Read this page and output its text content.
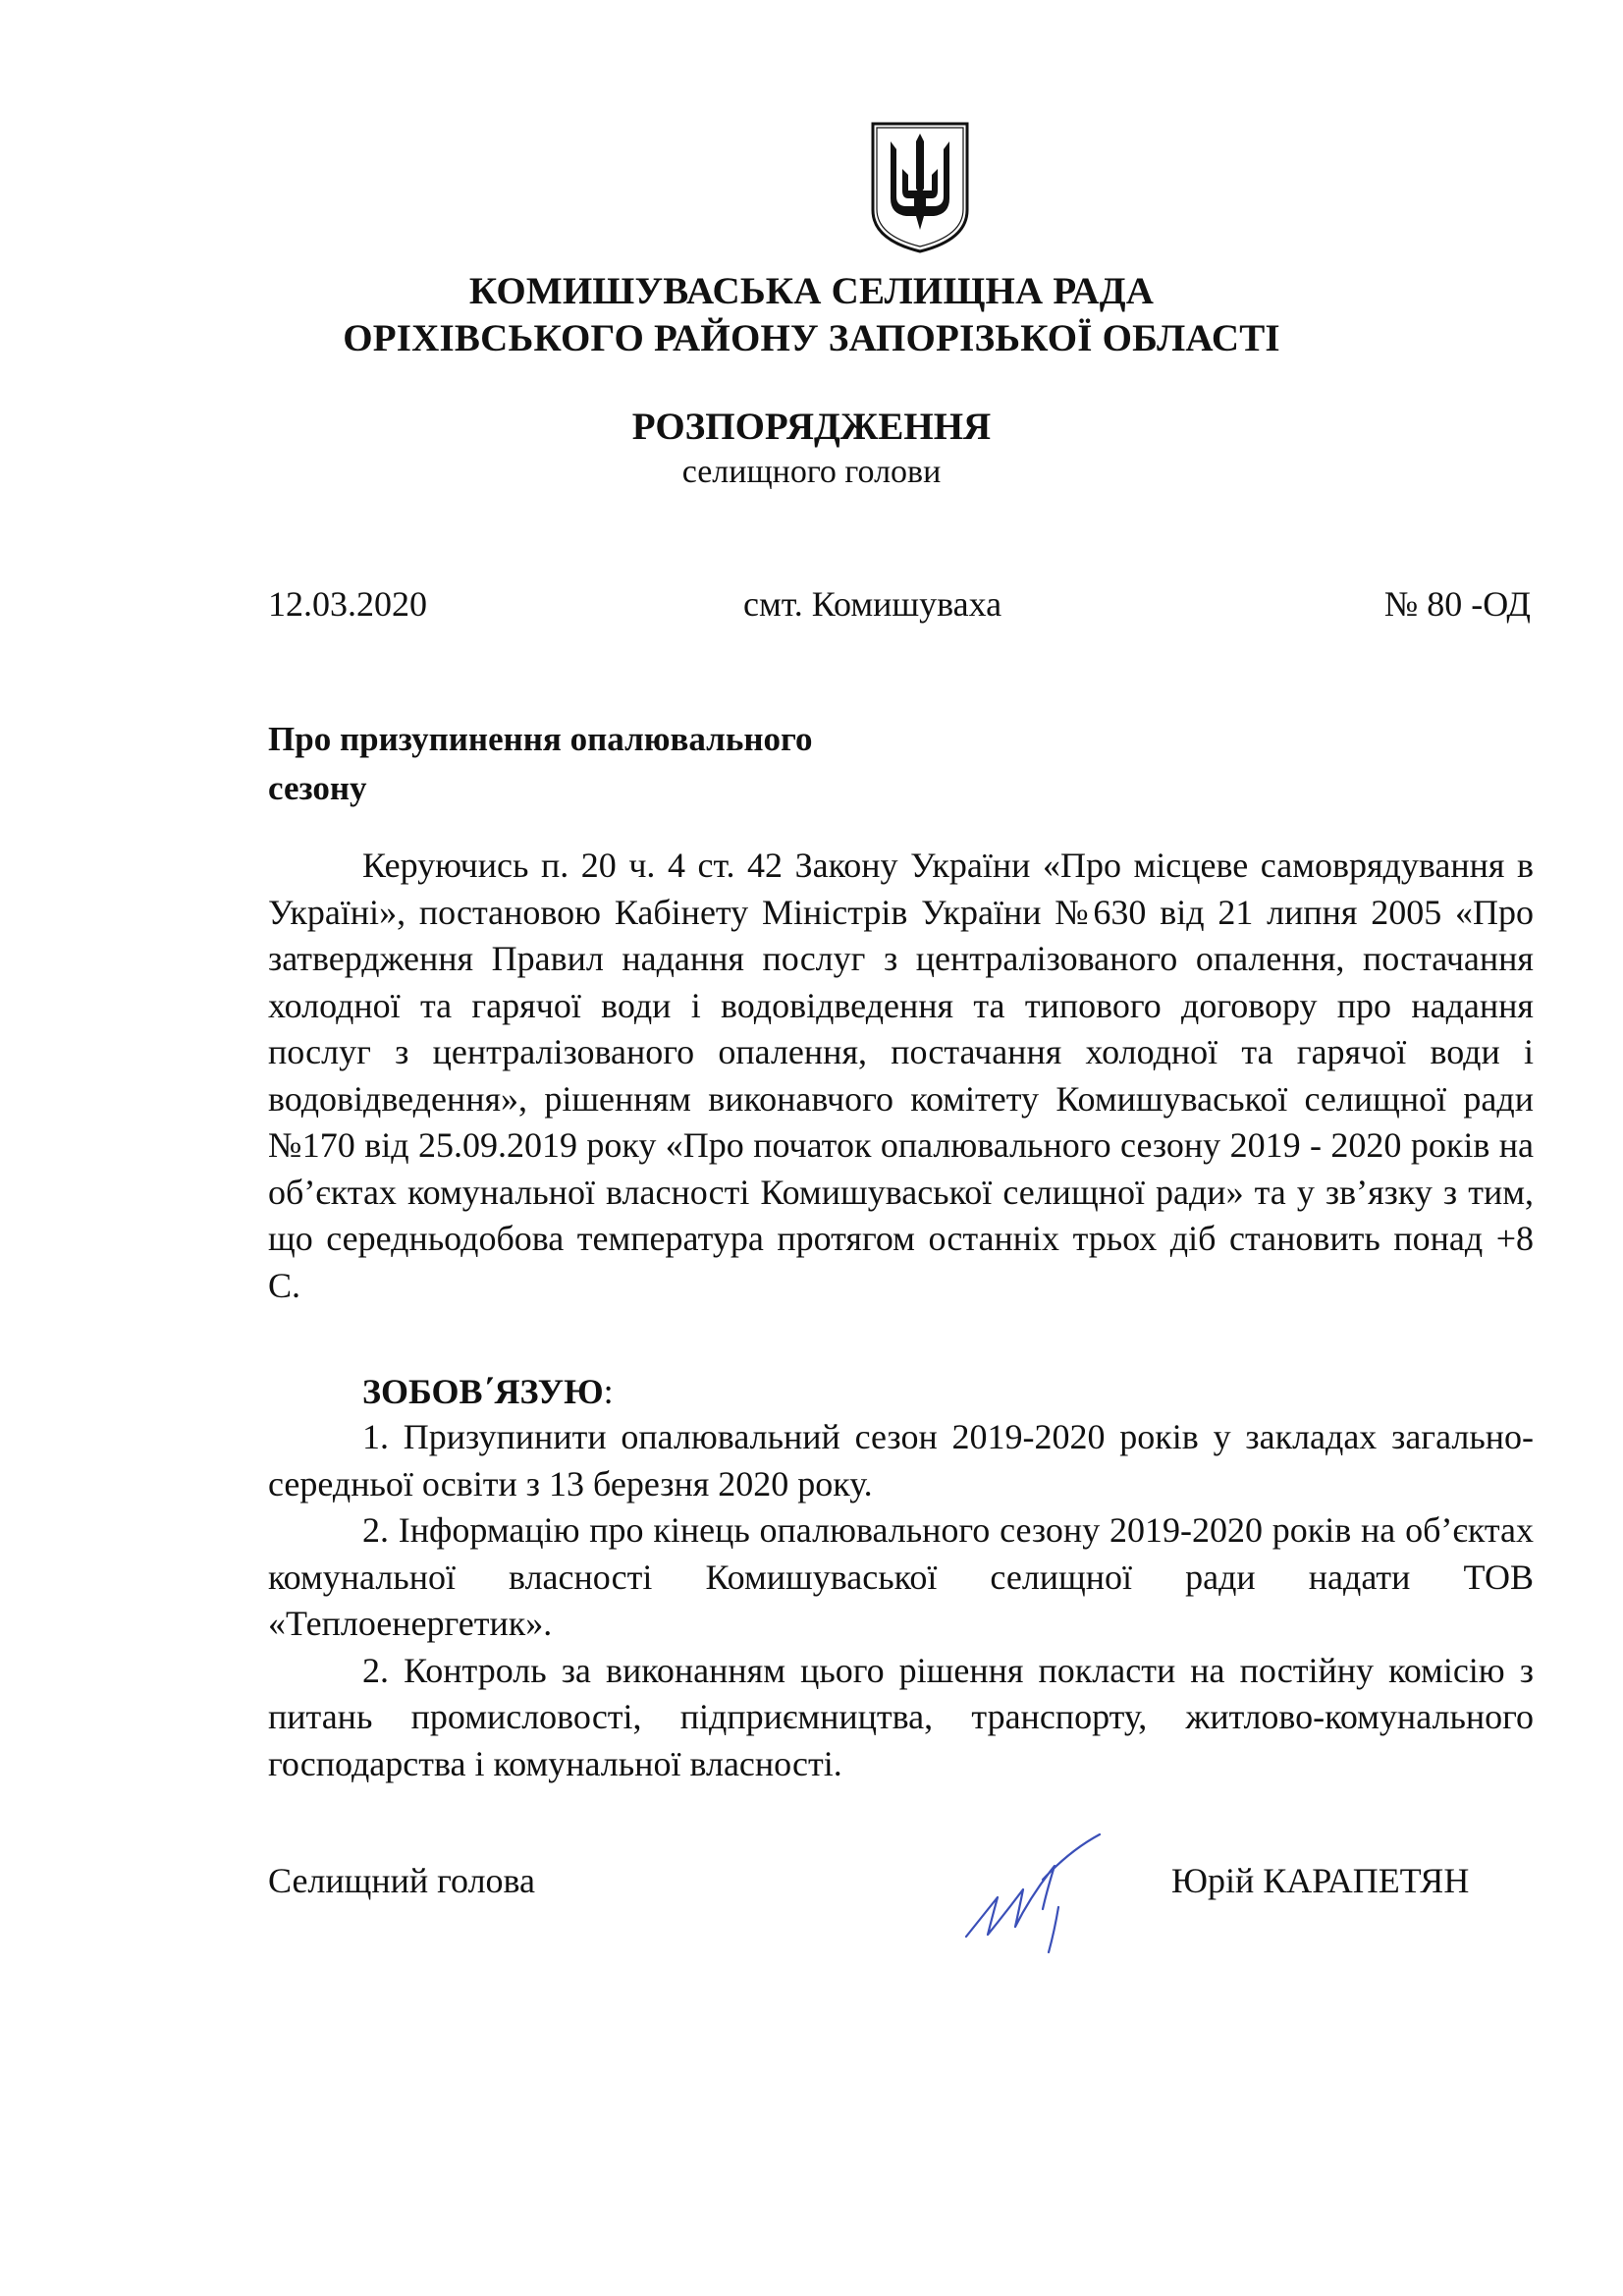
КОМИШУВАСЬКА СЕЛИЩНА РАДА
ОРІХІВСЬКОГО РАЙОНУ ЗАПОРІЗЬКОЇ ОБЛАСТІ
РОЗПОРЯДЖЕННЯ
селищного голови
12.03.2020	смт. Комишуваха	№ 80 -ОД
Про призупинення опалювального
сезону

Керуючись п. 20 ч. 4 ст. 42 Закону України «Про місцеве самоврядування в Україні», постановою Кабінету Міністрів України №630 від 21 липня 2005 «Про затвердження Правил надання послуг з централізованого опалення, постачання холодної та гарячої води і водовідведення та типового договору про надання послуг з централізованого опалення, постачання холодної та гарячої води і водовідведення», рішенням виконавчого комітету Комишуваської селищної ради №170 від 25.09.2019 року «Про початок опалювального сезону 2019 - 2020 років на об’єктах комунальної власності Комишуваської селищної ради» та у зв’язку з тим, що середньодобова температура протягом останніх трьох діб становить понад +8 С.

ЗОБОВ΄ЯЗУЮ:

1. Призупинити опалювальний сезон 2019-2020 років у закладах загально-середньої освіти з 13 березня 2020 року.

2. Інформацію про кінець опалювального сезону 2019-2020 років на об’єктах комунальної власності Комишуваської селищної ради надати ТОВ «Теплоенергетик».

2. Контроль за виконанням цього рішення покласти на постійну комісію з питань промисловості, підприємництва, транспорту, житлово-комунального господарства і комунальної власності.

Селищний голова	Юрій КАРАПЕТЯН
